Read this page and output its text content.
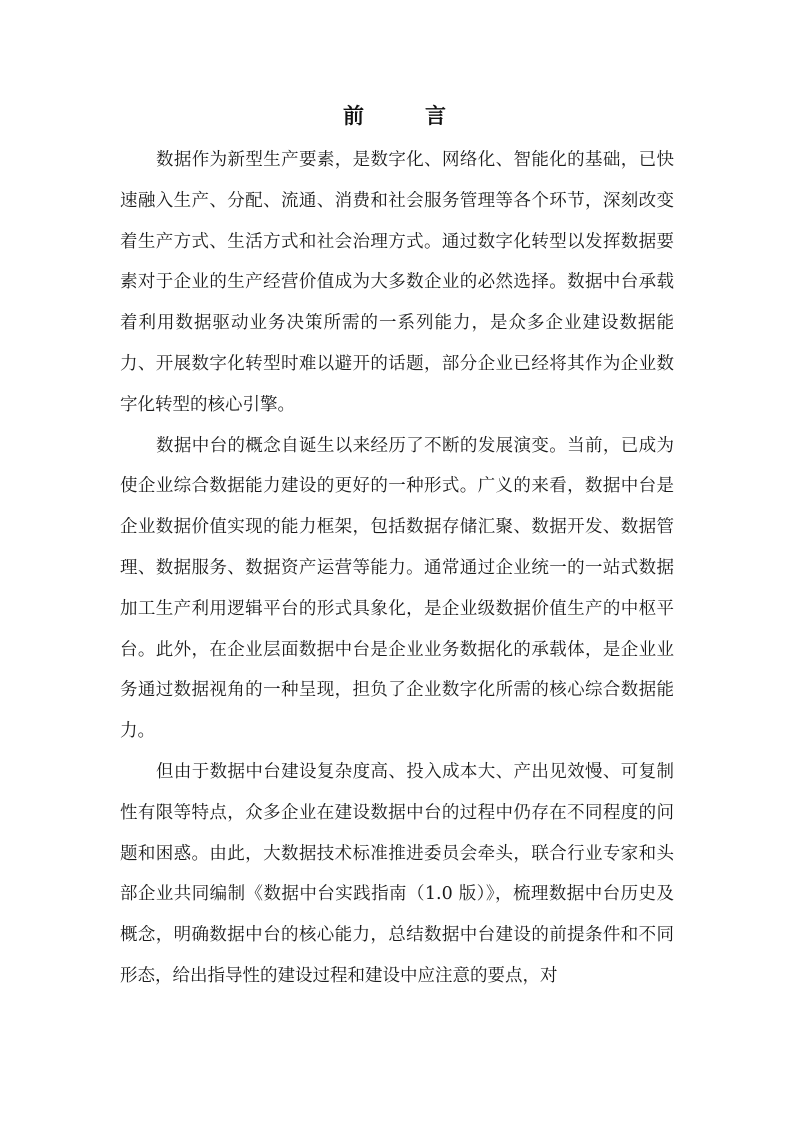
前　言

数据作为新型生产要素，是数字化、网络化、智能化的基础，已快速融入生产、分配、流通、消费和社会服务管理等各个环节，深刻改变着生产方式、生活方式和社会治理方式。通过数字化转型以发挥数据要素对于企业的生产经营价值成为大多数企业的必然选择。数据中台承载着利用数据驱动业务决策所需的一系列能力，是众多企业建设数据能力、开展数字化转型时难以避开的话题，部分企业已经将其作为企业数字化转型的核心引擎。

数据中台的概念自诞生以来经历了不断的发展演变。当前，已成为使企业综合数据能力建设的更好的一种形式。广义的来看，数据中台是企业数据价值实现的能力框架，包括数据存储汇聚、数据开发、数据管理、数据服务、数据资产运营等能力。通常通过企业统一的一站式数据加工生产利用逻辑平台的形式具象化，是企业级数据价值生产的中枢平台。此外，在企业层面数据中台是企业业务数据化的承载体，是企业业务通过数据视角的一种呈现，担负了企业数字化所需的核心综合数据能力。

但由于数据中台建设复杂度高、投入成本大、产出见效慢、可复制性有限等特点，众多企业在建设数据中台的过程中仍存在不同程度的问题和困惑。由此，大数据技术标准推进委员会牵头，联合行业专家和头部企业共同编制《数据中台实践指南（1.0 版）》，梳理数据中台历史及概念，明确数据中台的核心能力，总结数据中台建设的前提条件和不同形态，给出指导性的建设过程和建设中应注意的要点，对
